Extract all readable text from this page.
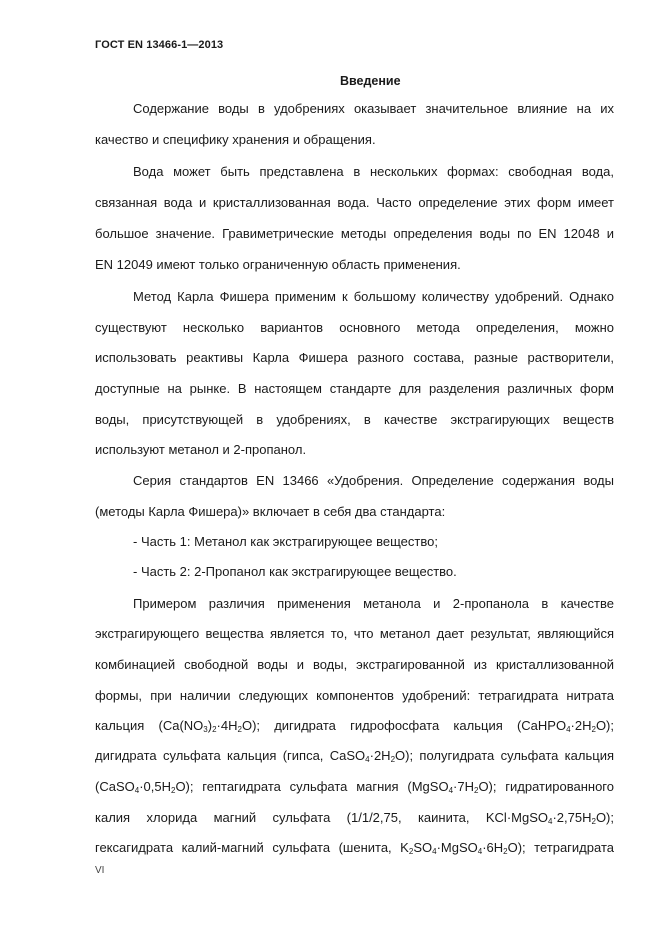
ГОСТ EN 13466-1—2013
Введение
Содержание воды в удобрениях оказывает значительное влияние на их
качество и специфику хранения и обращения.
Вода может быть представлена в нескольких формах: свободная вода,
связанная вода и кристаллизованная вода. Часто определение этих форм имеет
большое значение. Гравиметрические методы определения воды по EN 12048 и
EN 12049 имеют только ограниченную область применения.
Метод Карла Фишера применим к большому количеству удобрений. Однако
существуют несколько вариантов основного метода определения, можно
использовать реактивы Карла Фишера разного состава, разные растворители,
доступные на рынке. В настоящем стандарте для разделения различных форм
воды, присутствующей в удобрениях, в качестве экстрагирующих веществ
используют метанол и 2-пропанол.
Серия стандартов EN 13466 «Удобрения. Определение содержания воды
(методы Карла Фишера)» включает в себя два стандарта:
- Часть 1: Метанол как экстрагирующее вещество;
- Часть 2: 2-Пропанол как экстрагирующее вещество.
Примером различия применения метанола и 2-пропанола в качестве
экстрагирующего вещества является то, что метанол дает результат, являющийся
комбинацией свободной воды и воды, экстрагированной из кристаллизованной
формы, при наличии следующих компонентов удобрений: тетрагидрата нитрата
кальция $(Ca(NO_3)_2\cdot 4H_2O)$; дигидрата гидрофосфата кальция $(CaHPO_4\cdot 2H_2O)$;
дигидрата сульфата кальция (гипса, $CaSO_4\cdot 2H_2O$); полугидрата сульфата кальция
$(CaSO_4\cdot 0,5H_2O)$; гептагидрата сульфата магния $(MgSO_4\cdot 7H_2O)$; гидратированного
калия хлорида магний сульфата (1/1/2,75, каинита, $KCl\cdot MgSO_4\cdot 2,75H_2O$);
гексагидрата калий-магний сульфата (шенита, $K_2SO_4\cdot MgSO_4\cdot 6H_2O$); тетрагидрата
VI
